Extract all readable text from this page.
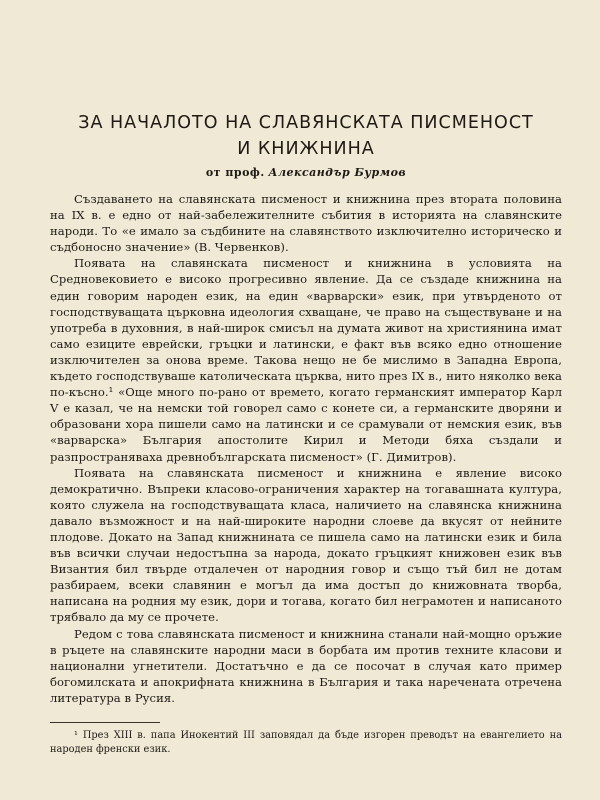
ЗА НАЧАЛОТО НА СЛАВЯНСКАТА ПИСМЕНОСТ
И КНИЖНИНА
от проф. Александър Бурмов

Създаването на славянската писменост и книжнина през втората половина на IX в. е едно от най-забележителните събития в историята на славянските народи. То «е имало за съдбините на славянството изключително историческо и съдбоносно значение» (В. Червенков).

Появата на славянската писменост и книжнина в условията на Средновековието е високо прогресивно явление. Да се създаде книжнина на един говорим народен език, на един «варварски» език, при утвърденото от господствуващата църковна идеология схващане, че право на съществуване и на употреба в духовния, в най-широк смисъл на думата живот на християнина имат само езиците еврейски, гръцки и латински, е факт във всяко едно отношение изключителен за онова време. Такова нещо не бе мислимо в Западна Европа, където господствуваше католическата църква, нито през IX в., нито няколко века по-късно.¹ «Още много по-рано от времето, когато германският император Карл V е казал, че на немски той говорел само с конете си, а германските дворяни и образовани хора пишели само на латински и се срамували от немския език, във «варварска» България апостолите Кирил и Методи бяха създали и разпространяваха древнобългарската писменост» (Г. Димитров).

Появата на славянската писменост и книжнина е явление високо демократично. Въпреки класово-ограничения характер на тогавашната култура, която служела на господствуващата класа, наличието на славянска книжнина давало възможност и на най-широките народни слоеве да вкусят от нейните плодове. Докато на Запад книжнината се пишела само на латински език и била във всички случаи недостъпна за народа, докато гръцкият книжовен език във Византия бил твърде отдалечен от народния говор и също тъй бил не дотам разбираем, всеки славянин е могъл да има достъп до книжовната творба, написана на родния му език, дори и тогава, когато бил неграмотен и написаното трябвало да му се прочете.

Редом с това славянската писменост и книжнина станали най-мощно оръжие в ръцете на славянските народни маси в борбата им против техните класови и национални угнетители. Достатъчно е да се посочат в случая като пример богомилската и апокрифната книжнина в България и така наречената отречена литература в Русия.

¹ През XIII в. папа Инокентий III заповядал да бъде изгорен преводът на евангелието на народен френски език.
